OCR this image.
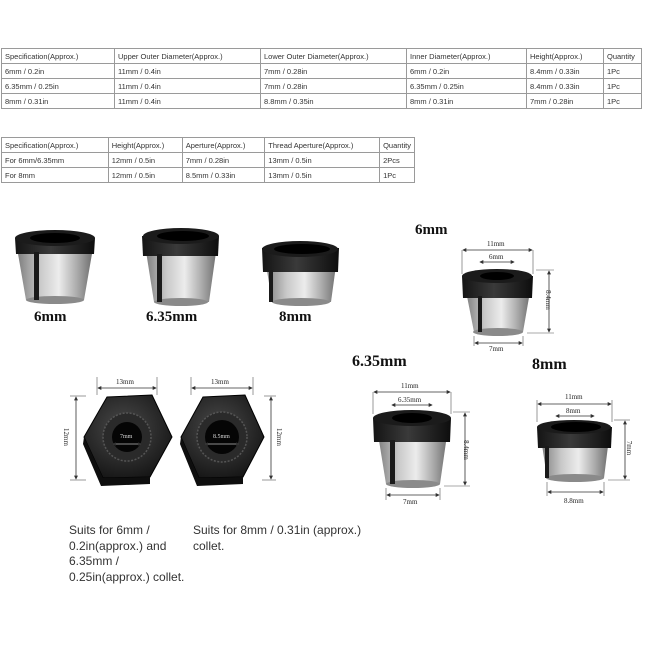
Specification(Approx.)	Upper Outer Diameter(Approx.)	Lower Outer Diameter(Approx.)	Inner Diameter(Approx.)	Height(Approx.)	Quantity
6mm / 0.2in	11mm / 0.4in	7mm / 0.28in	6mm / 0.2in	8.4mm / 0.33in	1Pc
6.35mm / 0.25in	11mm / 0.4in	7mm / 0.28in	6.35mm / 0.25in	8.4mm / 0.33in	1Pc
8mm / 0.31in	11mm / 0.4in	8.8mm / 0.35in	8mm / 0.31in	7mm / 0.28in	1Pc
Specification(Approx.)	Height(Approx.)	Aperture(Approx.)	Thread Aperture(Approx.)	Quantity
For 6mm/6.35mm	12mm / 0.5in	7mm / 0.28in	13mm / 0.5in	2Pcs
For 8mm	12mm / 0.5in	8.5mm / 0.33in	13mm / 0.5in	1Pc
6mm	6.35mm	8mm
6mm
11mm
6mm
7mm
8.4mm
6.35mm
11mm
6.35mm
7mm
8.4mm
8mm
11mm
8mm
8.8mm
7mm
13mm
12mm	7mm
13mm
12mm
8.5mm
Suits for 6mm / 0.2in(approx.) and 6.35mm / 0.25in(approx.) collet.
Suits for 8mm / 0.31in (approx.) collet.
